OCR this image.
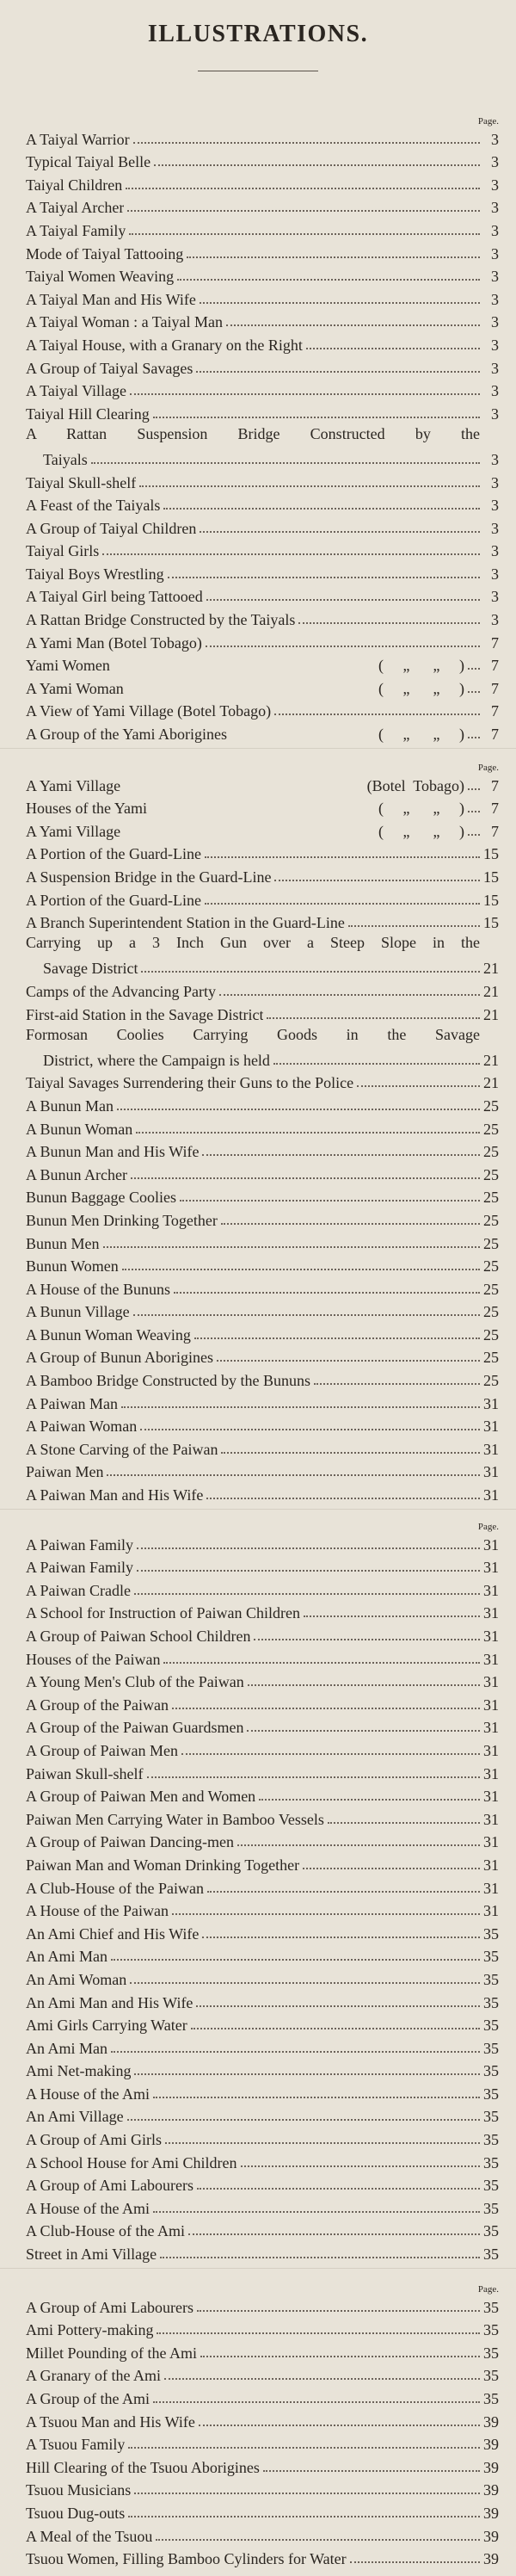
ILLUSTRATIONS.
Page.
A Taiyal Warrior	3
Typical Taiyal Belle	3
Taiyal Children	3
A Taiyal Archer	3
A Taiyal Family	3
Mode of Taiyal Tattooing	3
Taiyal Women Weaving	3
A Taiyal Man and His Wife	3
A Taiyal Woman : a Taiyal Man	3
A Taiyal House, with a Granary on the Right	3
A Group of Taiyal Savages	3
A Taiyal Village	3
Taiyal Hill Clearing	3
A Rattan Suspension Bridge Constructed by the
Taiyals	3
Taiyal Skull-shelf	3
A Feast of the Taiyals	3
A Group of Taiyal Children	3
Taiyal Girls	3
Taiyal Boys Wrestling	3
A Taiyal Girl being Tattooed	3
A Rattan Bridge Constructed by the Taiyals	3
A Yami Man (Botel Tobago)	7
Yami Women	(     „      „     )	7
A Yami Woman	(     „      „     )	7
A View of Yami Village (Botel Tobago)	7
A Group of the Yami Aborigines	(     „      „     )	7
Page.
A Yami Village	(Botel  Tobago)	7
Houses of the Yami	(     „      „     )	7
A Yami Village	(     „      „     )	7
A Portion of the Guard-Line	15
A Suspension Bridge in the Guard-Line	15
A Portion of the Guard-Line	15
A Branch Superintendent Station in the Guard-Line	15
Carrying up a 3 Inch Gun over a Steep Slope in the
Savage District	21
Camps of the Advancing Party	21
First-aid Station in the Savage District	21
Formosan Coolies Carrying Goods in the Savage
District, where the Campaign is held	21
Taiyal Savages Surrendering their Guns to the Police	21
A Bunun Man	25
A Bunun Woman	25
A Bunun Man and His Wife	25
A Bunun Archer	25
Bunun Baggage Coolies	25
Bunun Men Drinking Together	25
Bunun Men	25
Bunun Women	25
A House of the Bununs	25
A Bunun Village	25
A Bunun Woman Weaving	25
A Group of Bunun Aborigines	25
A Bamboo Bridge Constructed by the Bununs	25
A Paiwan Man	31
A Paiwan Woman	31
A Stone Carving of the Paiwan	31
Paiwan Men	31
A Paiwan Man and His Wife	31
Page.
A Paiwan Family	31
A Paiwan Family	31
A Paiwan Cradle	31
A School for Instruction of Paiwan Children	31
A Group of Paiwan School Children	31
Houses of the Paiwan	31
A Young Men's Club of the Paiwan	31
A Group of the Paiwan	31
A Group of the Paiwan Guardsmen	31
A Group of Paiwan Men	31
Paiwan Skull-shelf	31
A Group of Paiwan Men and Women	31
Paiwan Men Carrying Water in Bamboo Vessels	31
A Group of Paiwan Dancing-men	31
Paiwan Man and Woman Drinking Together	31
A Club-House of the Paiwan	31
A House of the Paiwan	31
An Ami Chief and His Wife	35
An Ami Man	35
An Ami Woman	35
An Ami Man and His Wife	35
Ami Girls Carrying Water	35
An Ami Man	35
Ami Net-making	35
A House of the Ami	35
An Ami Village	35
A Group of Ami Girls	35
A School House for Ami Children	35
A Group of Ami Labourers	35
A House of the Ami	35
A Club-House of the Ami	35
Street in Ami Village	35
Page.
A Group of Ami Labourers	35
Ami Pottery-making	35
Millet Pounding of the Ami	35
A Granary of the Ami	35
A Group of the Ami	35
A Tsuou Man and His Wife	39
A Tsuou Family	39
Hill Clearing of the Tsuou Aborigines	39
Tsuou Musicians	39
Tsuou Dug-outs	39
A Meal of the Tsuou	39
Tsuou Women, Filling Bamboo Cylinders for Water	39
